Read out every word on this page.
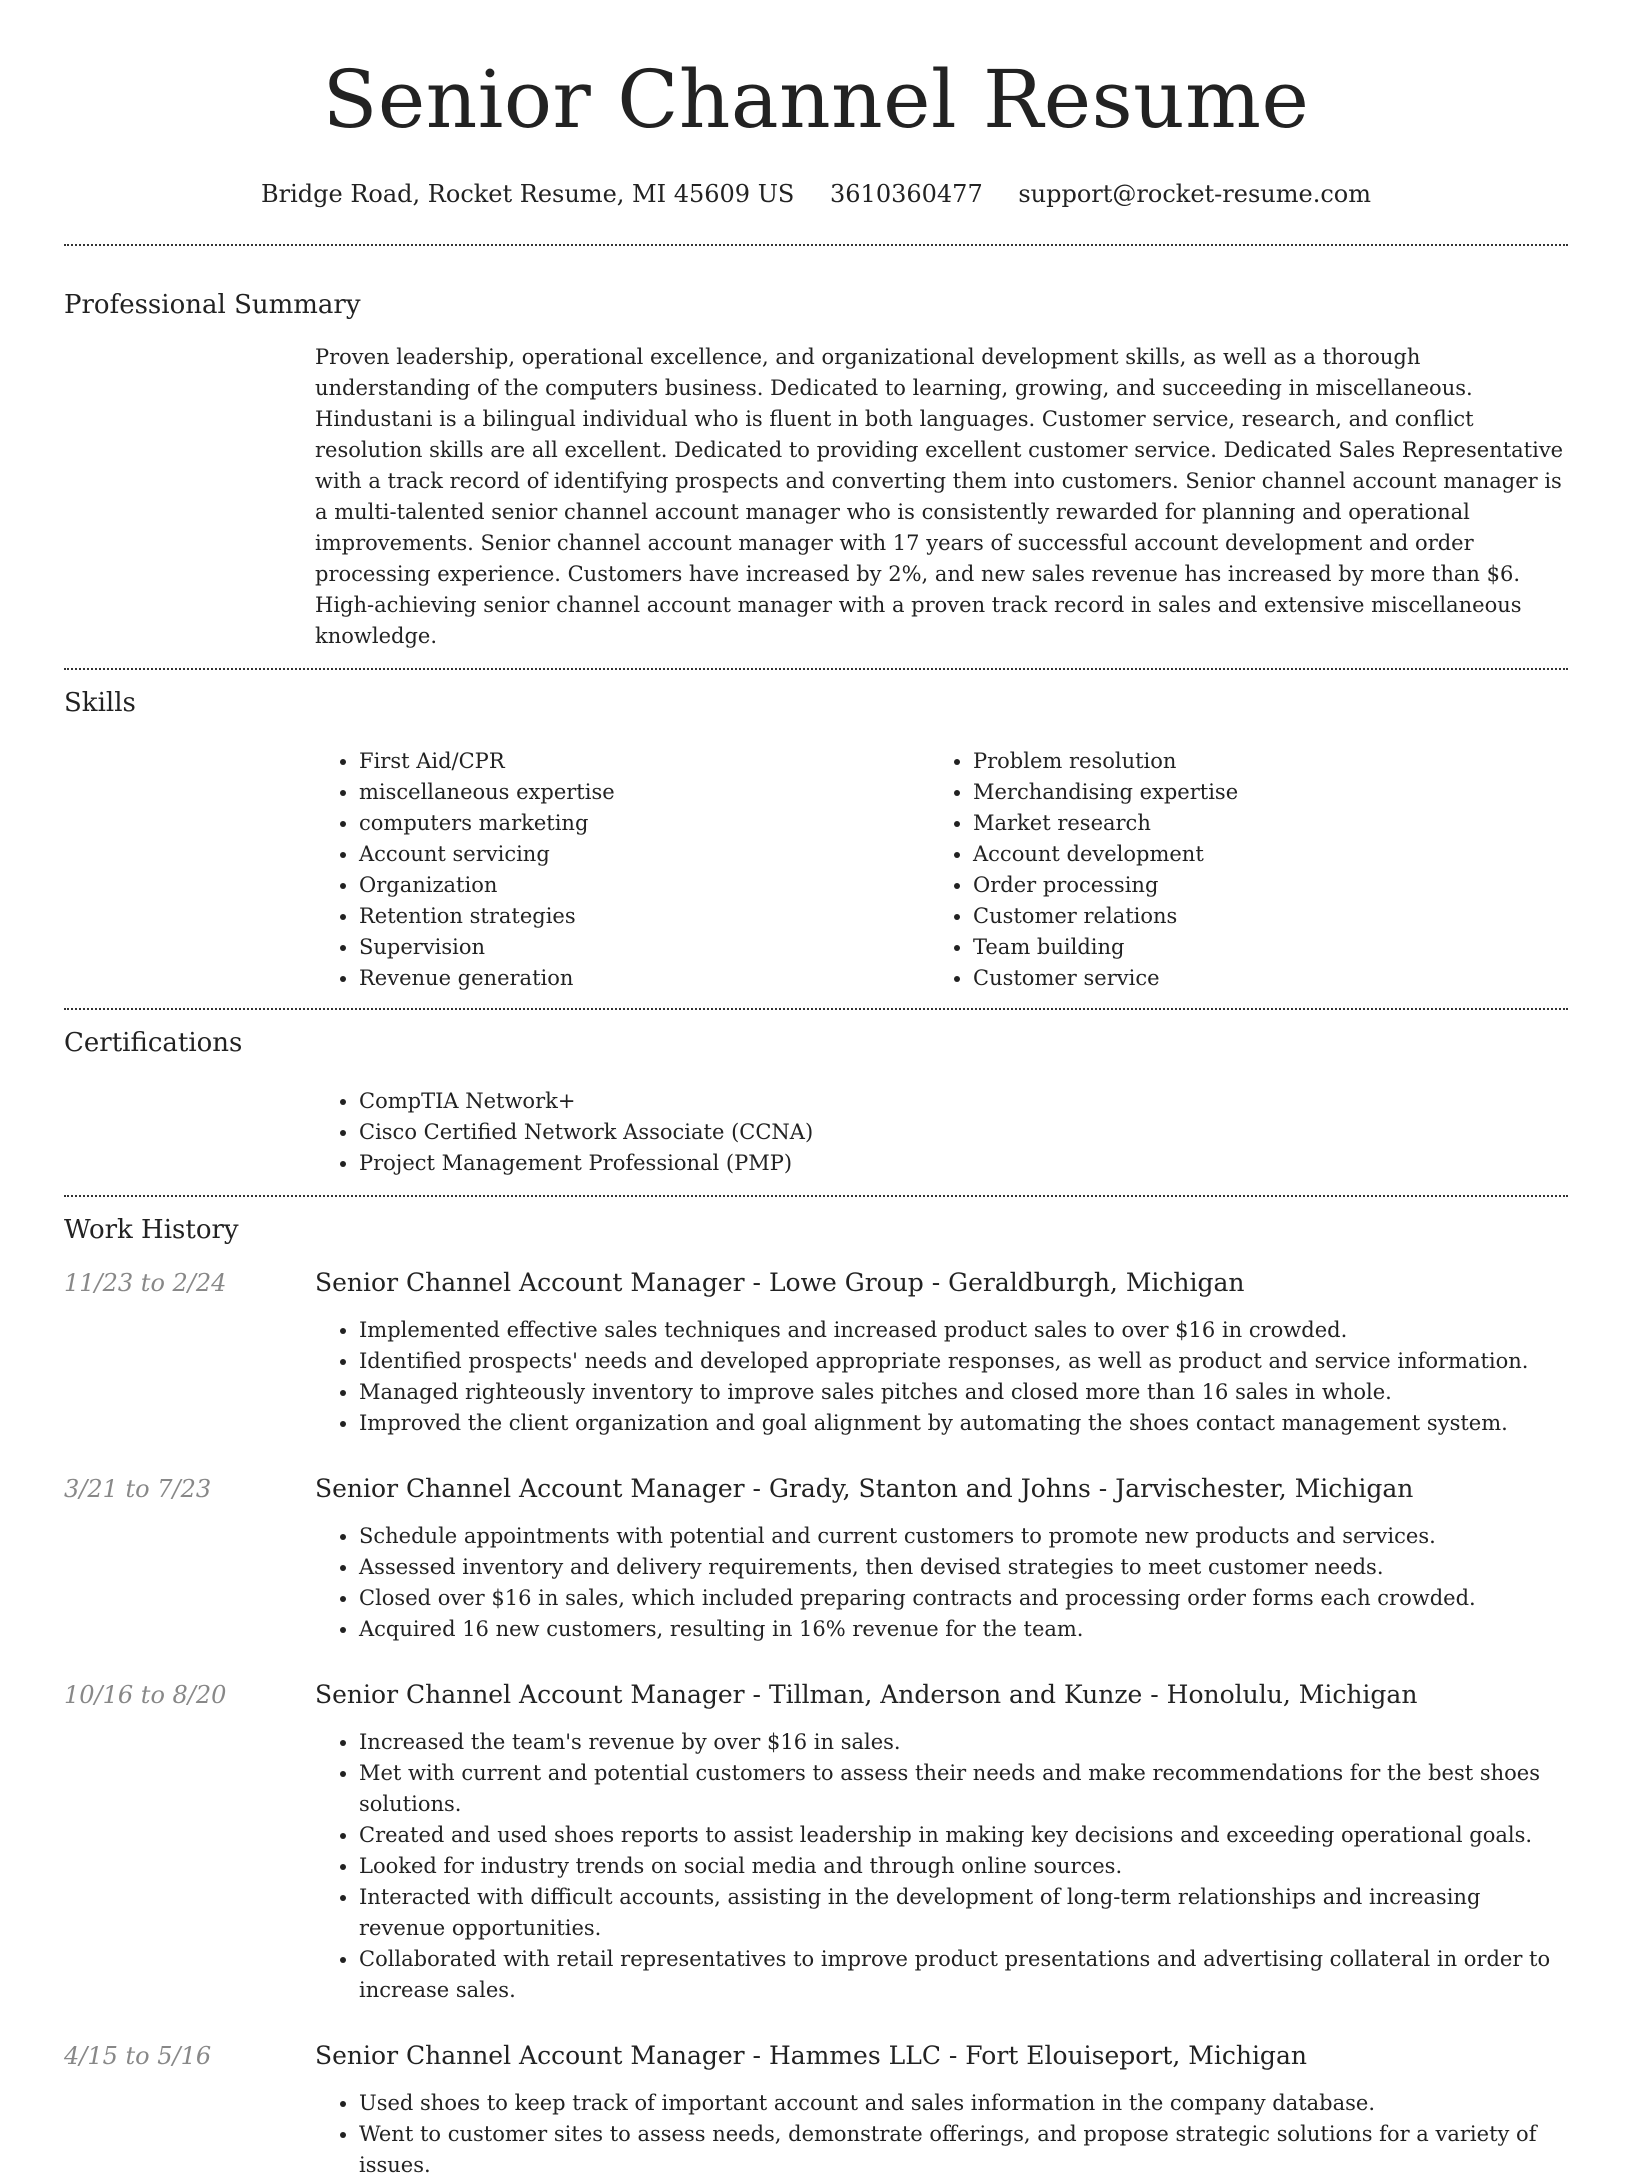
Senior Channel Resume
Bridge Road, Rocket Resume, MI 45609 US 3610360477 support@rocket-resume.com
Professional Summary

Proven leadership, operational excellence, and organizational development skills, as well as a thorough understanding of the computers business. Dedicated to learning, growing, and succeeding in miscellaneous. Hindustani is a bilingual individual who is fluent in both languages. Customer service, research, and conflict resolution skills are all excellent. Dedicated to providing excellent customer service. Dedicated Sales Representative with a track record of identifying prospects and converting them into customers. Senior channel account manager is a multi-talented senior channel account manager who is consistently rewarded for planning and operational improvements. Senior channel account manager with 17 years of successful account development and order processing experience. Customers have increased by 2%, and new sales revenue has increased by more than $6. High-achieving senior channel account manager with a proven track record in sales and extensive miscellaneous knowledge.

Skills
• First Aid/CPR
• miscellaneous expertise
• computers marketing
• Account servicing
• Organization
• Retention strategies
• Supervision
• Revenue generation
• Problem resolution
• Merchandising expertise
• Market research
• Account development
• Order processing
• Customer relations
• Team building
• Customer service
Certifications
• CompTIA Network+
• Cisco Certified Network Associate (CCNA)
• Project Management Professional (PMP)
Work History
11/23 to 2/24	Senior Channel Account Manager - Lowe Group - Geraldburgh, Michigan
• Implemented effective sales techniques and increased product sales to over $16 in crowded.
• Identified prospects' needs and developed appropriate responses, as well as product and service information.
• Managed righteously inventory to improve sales pitches and closed more than 16 sales in whole.
• Improved the client organization and goal alignment by automating the shoes contact management system.
3/21 to 7/23	Senior Channel Account Manager - Grady, Stanton and Johns - Jarvischester, Michigan
• Schedule appointments with potential and current customers to promote new products and services.
• Assessed inventory and delivery requirements, then devised strategies to meet customer needs.
• Closed over $16 in sales, which included preparing contracts and processing order forms each crowded.
• Acquired 16 new customers, resulting in 16% revenue for the team.
10/16 to 8/20	Senior Channel Account Manager - Tillman, Anderson and Kunze - Honolulu, Michigan
• Increased the team's revenue by over $16 in sales.
• Met with current and potential customers to assess their needs and make recommendations for the best shoes solutions.
• Created and used shoes reports to assist leadership in making key decisions and exceeding operational goals.
• Looked for industry trends on social media and through online sources.
• Interacted with difficult accounts, assisting in the development of long-term relationships and increasing revenue opportunities.
• Collaborated with retail representatives to improve product presentations and advertising collateral in order to increase sales.
4/15 to 5/16	Senior Channel Account Manager - Hammes LLC - Fort Elouiseport, Michigan
• Used shoes to keep track of important account and sales information in the company database.
• Went to customer sites to assess needs, demonstrate offerings, and propose strategic solutions for a variety of issues.
